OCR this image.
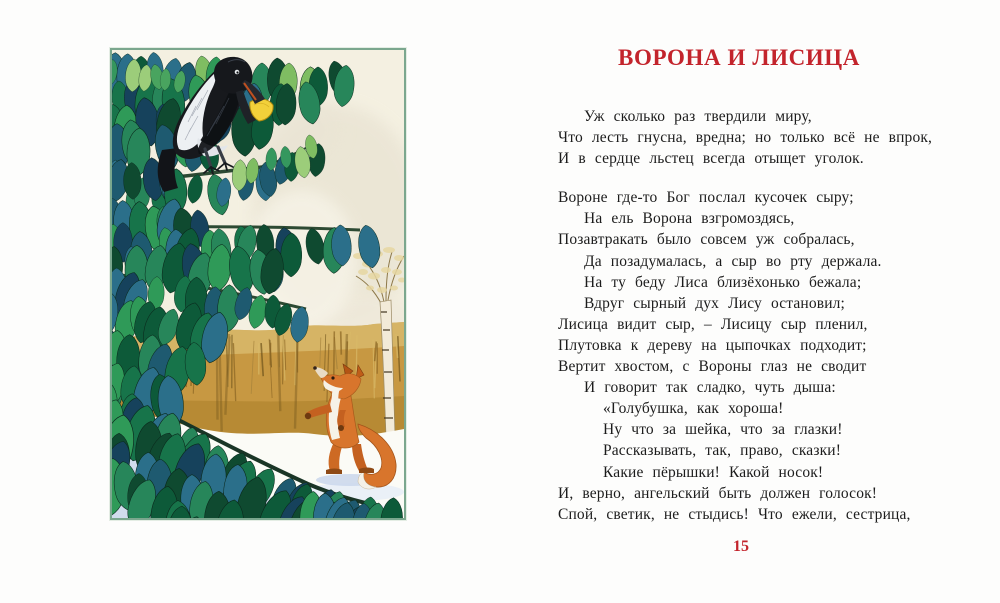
ВОРОНА И ЛИСИЦА
Уж сколько раз твердили миру,
Что лесть гнусна, вредна; но только всё не впрок,
И в сердце льстец всегда отыщет уголок.
Вороне где-то Бог послал кусочек сыру;
На ель Ворона взгромоздясь,
Позавтракать было совсем уж собралась,
Да позадумалась, а сыр во рту держала.
На ту беду Лиса близёхонько бежала;
Вдруг сырный дух Лису остановил;
Лисица видит сыр, – Лисицу сыр пленил,
Плутовка к дереву на цыпочках подходит;
Вертит хвостом, с Вороны глаз не сводит
И говорит так сладко, чуть дыша:
«Голубушка, как хороша!
Ну что за шейка, что за глазки!
Рассказывать, так, право, сказки!
Какие пёрышки! Какой носок!
И, верно, ангельский быть должен голосок!
Спой, светик, не стыдись! Что ежели, сестрица,
15
